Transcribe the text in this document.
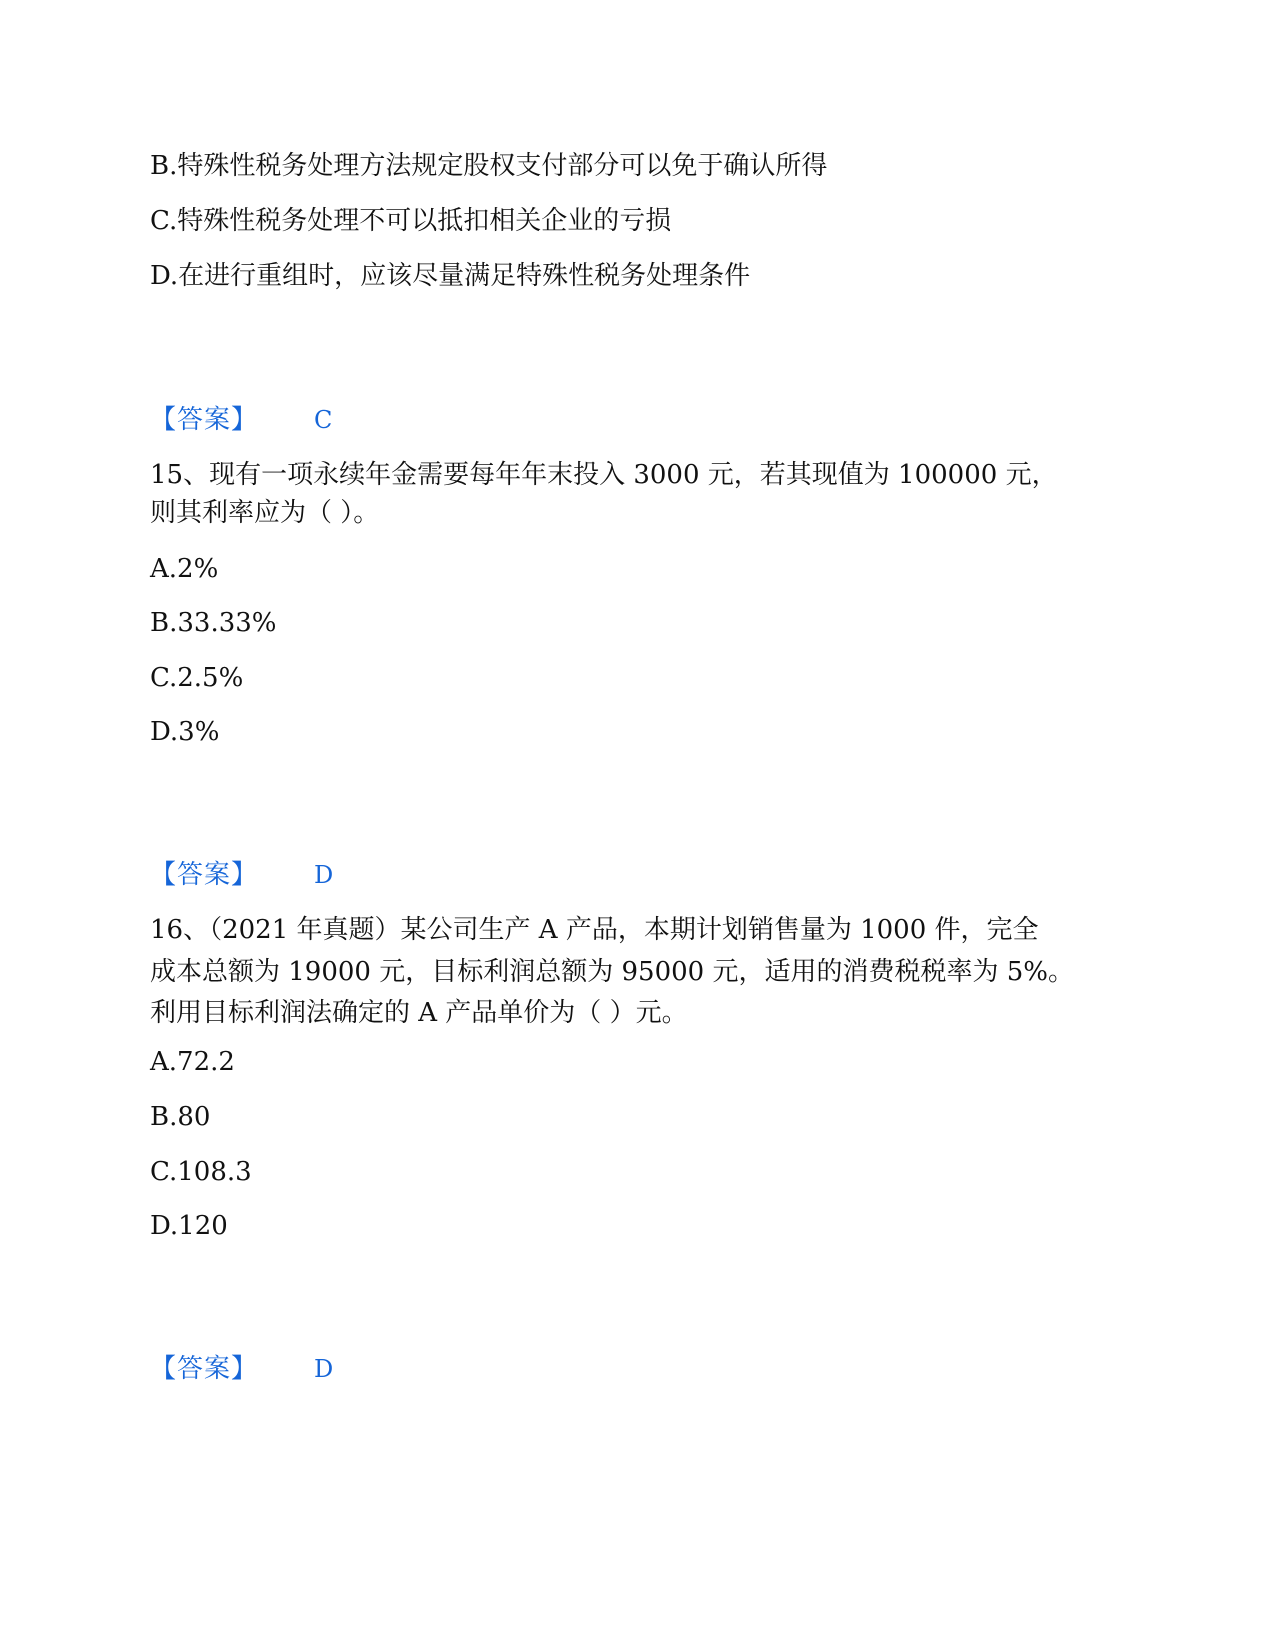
B.特殊性税务处理方法规定股权支付部分可以免于确认所得
C.特殊性税务处理不可以抵扣相关企业的亏损
D.在进行重组时，应该尽量满足特殊性税务处理条件
【答案】 C
15、现有一项永续年金需要每年年末投入 3000 元，若其现值为 100000 元，
则其利率应为（ ）。
A.2%
B.33.33%
C.2.5%
D.3%
【答案】 D
16、（2021 年真题）某公司生产 A 产品，本期计划销售量为 1000 件，完全
成本总额为 19000 元，目标利润总额为 95000 元，适用的消费税税率为 5%。
利用目标利润法确定的 A 产品单价为（ ）元。
A.72.2
B.80
C.108.3
D.120
【答案】 D
